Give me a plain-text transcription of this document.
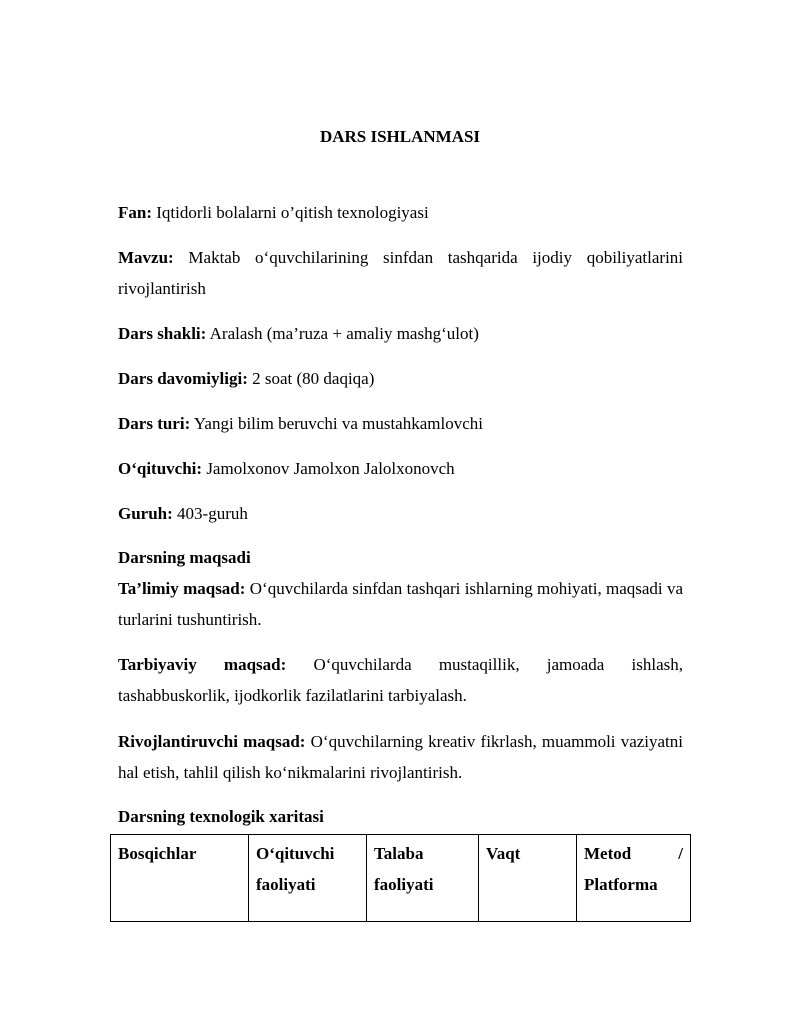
DARS ISHLANMASI
Fan: Iqtidorli bolalarni o’qitish texnologiyasi
Mavzu: Maktab o‘quvchilarining sinfdan tashqarida ijodiy qobiliyatlarini rivojlantirish
Dars shakli: Aralash (ma’ruza + amaliy mashg‘ulot)
Dars davomiyligi: 2 soat (80 daqiqa)
Dars turi: Yangi bilim beruvchi va mustahkamlovchi
O‘qituvchi: Jamolxonov Jamolxon Jalolxonovch
Guruh: 403-guruh
Darsning maqsadi
Ta’limiy maqsad: O‘quvchilarda sinfdan tashqari ishlarning mohiyati, maqsadi va turlarini tushuntirish.
Tarbiyaviy maqsad: O‘quvchilarda mustaqillik, jamoada ishlash, tashabbuskorlik, ijodkorlik fazilatlarini tarbiyalash.
Rivojlantiruvchi maqsad: O‘quvchilarning kreativ fikrlash, muammoli vaziyatni hal etish, tahlil qilish ko‘nikmalarini rivojlantirish.
Darsning texnologik xaritasi
Bosqichlar	O‘qituvchi faoliyati	Talaba faoliyati	Vaqt	Metod / Platforma
